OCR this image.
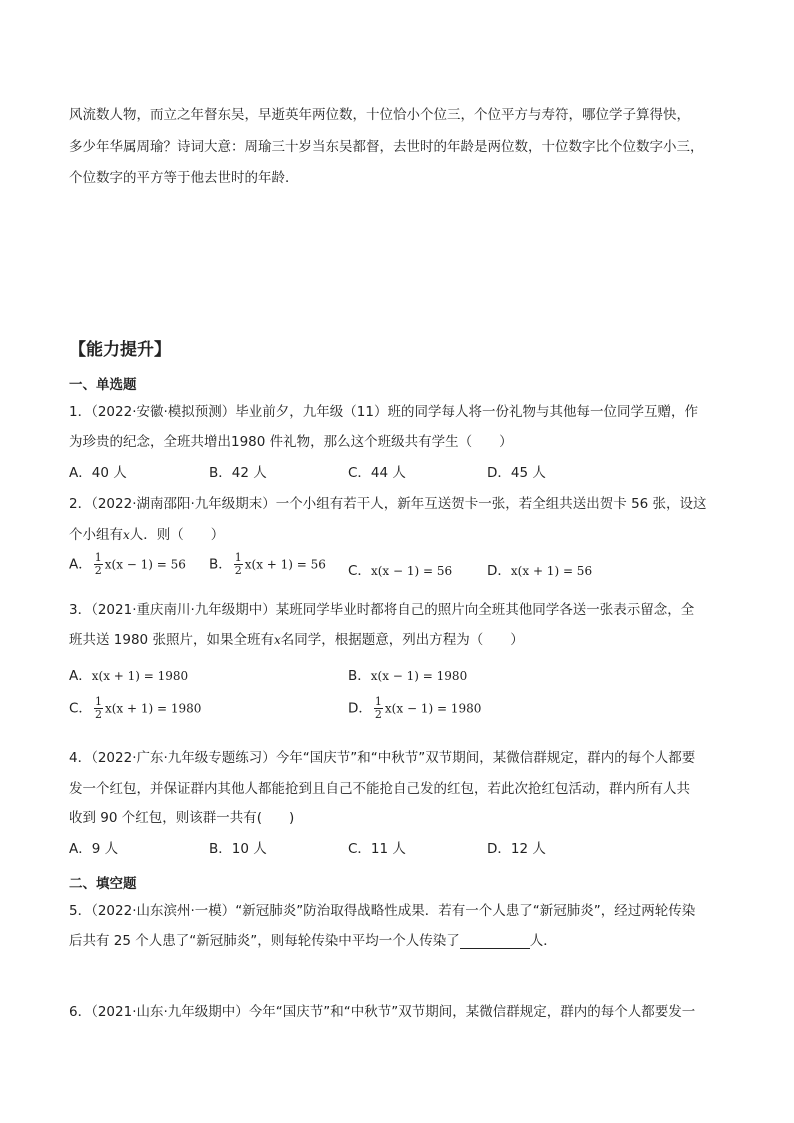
风流数人物，而立之年督东吴，早逝英年两位数，十位恰小个位三，个位平方与寿符，哪位学子算得快，
多少年华属周瑜？诗词大意：周瑜三十岁当东吴都督，去世时的年龄是两位数，十位数字比个位数字小三，
个位数字的平方等于他去世时的年龄．
【能力提升】
一、单选题
1．（2022·安徽·模拟预测）毕业前夕，九年级（11）班的同学每人将一份礼物与其他每一位同学互赠，作
为珍贵的纪念，全班共增出1980 件礼物，那么这个班级共有学生（　　）
A．40 人	B．42 人	C．44 人	D．45 人
2．（2022·湖南邵阳·九年级期末）一个小组有若干人，新年互送贺卡一张，若全组共送出贺卡 56 张，设这
个小组有x人．则（　　）
A． $\frac{1}{2} x(x - 1) = 56$ B． $\frac{1}{2} x(x + 1) = 56$ C．x(x − 1) = 56	D．x(x + 1) = 56
3．（2021·重庆南川·九年级期中）某班同学毕业时都将自己的照片向全班其他同学各送一张表示留念，全
班共送 1980 张照片，如果全班有x名同学，根据题意，列出方程为（　　）
A．x(x + 1) = 1980	B．x(x − 1) = 1980
C． $\frac{1}{2} x(x + 1) = 1980$	D． $\frac{1}{2} x(x - 1) = 1980$
4．（2022·广东·九年级专题练习）今年“国庆节”和“中秋节”双节期间，某微信群规定，群内的每个人都要
发一个红包，并保证群内其他人都能抢到且自己不能抢自己发的红包，若此次抢红包活动，群内所有人共
收到 90 个红包，则该群一共有(　　)
A．9 人	B．10 人	C．11 人	D．12 人
二、填空题
5．（2022·山东滨州·一模）“新冠肺炎”防治取得战略性成果．若有一个人患了“新冠肺炎”，经过两轮传染
后共有 25 个人患了“新冠肺炎”，则每轮传染中平均一个人传染了	人．
6．（2021·山东·九年级期中）今年“国庆节”和“中秋节”双节期间，某微信群规定，群内的每个人都要发一
